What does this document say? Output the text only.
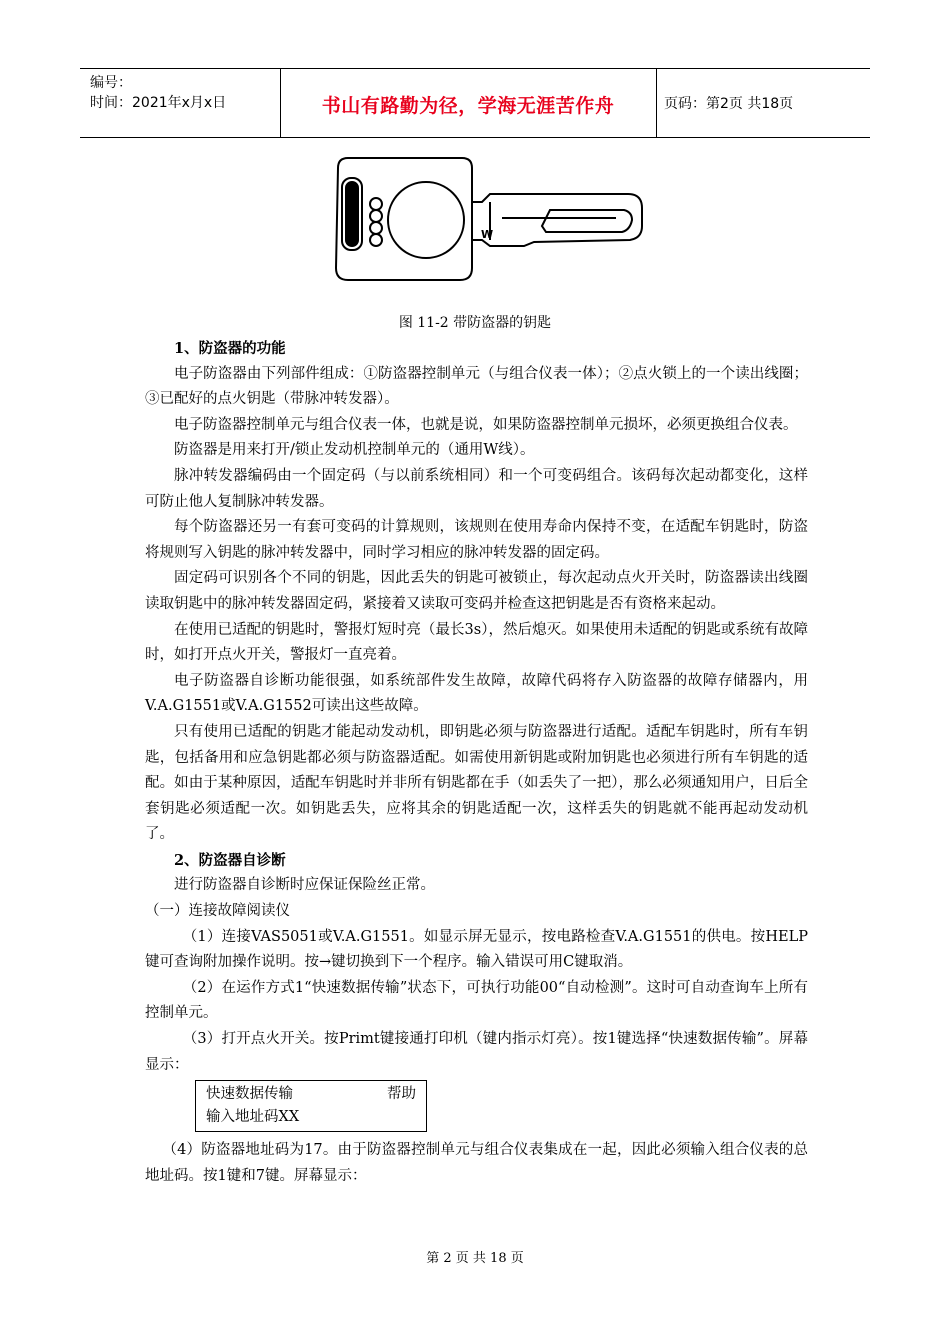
编号：
时间：2021年x月x日	书山有路勤为径，学海无涯苦作舟	页码：第2页 共18页
W
图 11-2 带防盗器的钥匙

1、防盗器的功能

电子防盗器由下列部件组成：①防盗器控制单元（与组合仪表一体）；②点火锁上的一个读出线圈；③已配好的点火钥匙（带脉冲转发器）。

电子防盗器控制单元与组合仪表一体，也就是说，如果防盗器控制单元损坏，必须更换组合仪表。

防盗器是用来打开/锁止发动机控制单元的（通用W线）。

脉冲转发器编码由一个固定码（与以前系统相同）和一个可变码组合。该码每次起动都变化，这样可防止他人复制脉冲转发器。

每个防盗器还另一有套可变码的计算规则，该规则在使用寿命内保持不变，在适配车钥匙时，防盗将规则写入钥匙的脉冲转发器中，同时学习相应的脉冲转发器的固定码。

固定码可识别各个不同的钥匙，因此丢失的钥匙可被锁止，每次起动点火开关时，防盗器读出线圈读取钥匙中的脉冲转发器固定码，紧接着又读取可变码并检查这把钥匙是否有资格来起动。

在使用已适配的钥匙时，警报灯短时亮（最长3s），然后熄灭。如果使用未适配的钥匙或系统有故障时，如打开点火开关，警报灯一直亮着。

电子防盗器自诊断功能很强，如系统部件发生故障，故障代码将存入防盗器的故障存储器内，用V.A.G1551或V.A.G1552可读出这些故障。

只有使用已适配的钥匙才能起动发动机，即钥匙必须与防盗器进行适配。适配车钥匙时，所有车钥匙，包括备用和应急钥匙都必须与防盗器适配。如需使用新钥匙或附加钥匙也必须进行所有车钥匙的适配。如由于某种原因，适配车钥匙时并非所有钥匙都在手（如丢失了一把），那么必须通知用户，日后全套钥匙必须适配一次。如钥匙丢失，应将其余的钥匙适配一次，这样丢失的钥匙就不能再起动发动机了。

2、防盗器自诊断

进行防盗器自诊断时应保证保险丝正常。

（一）连接故障阅读仪

（1）连接VAS5051或V.A.G1551。如显示屏无显示，按电路检查V.A.G1551的供电。按HELP键可查询附加操作说明。按→键切换到下一个程序。输入错误可用C键取消。

（2）在运作方式1“快速数据传输”状态下，可执行功能00“自动检测”。这时可自动查询车上所有控制单元。

（3）打开点火开关。按Primt键接通打印机（键内指示灯亮）。按1键选择“快速数据传输”。屏幕显示：

快速数据传输	帮助
输入地址码XX

（4）防盗器地址码为17。由于防盗器控制单元与组合仪表集成在一起，因此必须输入组合仪表的总地址码。按1键和7键。屏幕显示：

第 2 页 共 18 页
